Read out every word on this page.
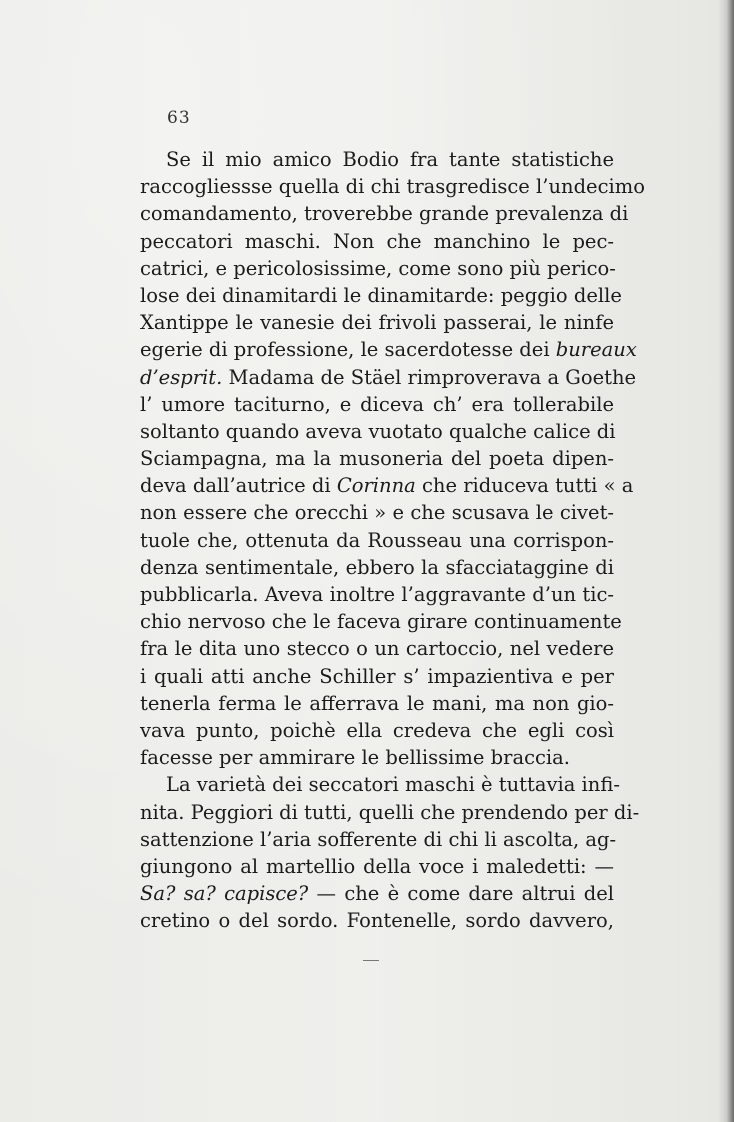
63
Se il mio amico Bodio fra tante statistiche
raccogliessse quella di chi trasgredisce l’undecimo
comandamento, troverebbe grande prevalenza di
peccatori maschi. Non che manchino le pec-
catrici, e pericolosissime, come sono più perico-
lose dei dinamitardi le dinamitarde: peggio delle
Xantippe le vanesie dei frivoli passerai, le ninfe
egerie di professione, le sacerdotesse dei bureaux
d’esprit. Madama de Stäel rimproverava a Goethe
l’ umore taciturno, e diceva ch’ era tollerabile
soltanto quando aveva vuotato qualche calice di
Sciampagna, ma la musoneria del poeta dipen-
deva dall’autrice di Corinna che riduceva tutti « a
non essere che orecchi » e che scusava le civet-
tuole che, ottenuta da Rousseau una corrispon-
denza sentimentale, ebbero la sfacciataggine di
pubblicarla. Aveva inoltre l’aggravante d’un tic-
chio nervoso che le faceva girare continuamente
fra le dita uno stecco o un cartoccio, nel vedere
i quali atti anche Schiller s’ impazientiva e per
tenerla ferma le afferrava le mani, ma non gio-
vava punto, poichè ella credeva che egli così
facesse per ammirare le bellissime braccia.
La varietà dei seccatori maschi è tuttavia infi-
nita. Peggiori di tutti, quelli che prendendo per di-
sattenzione l’aria sofferente di chi li ascolta, ag-
giungono al martellio della voce i maledetti: —
Sa? sa? capisce? — che è come dare altrui del
cretino o del sordo. Fontenelle, sordo davvero,
